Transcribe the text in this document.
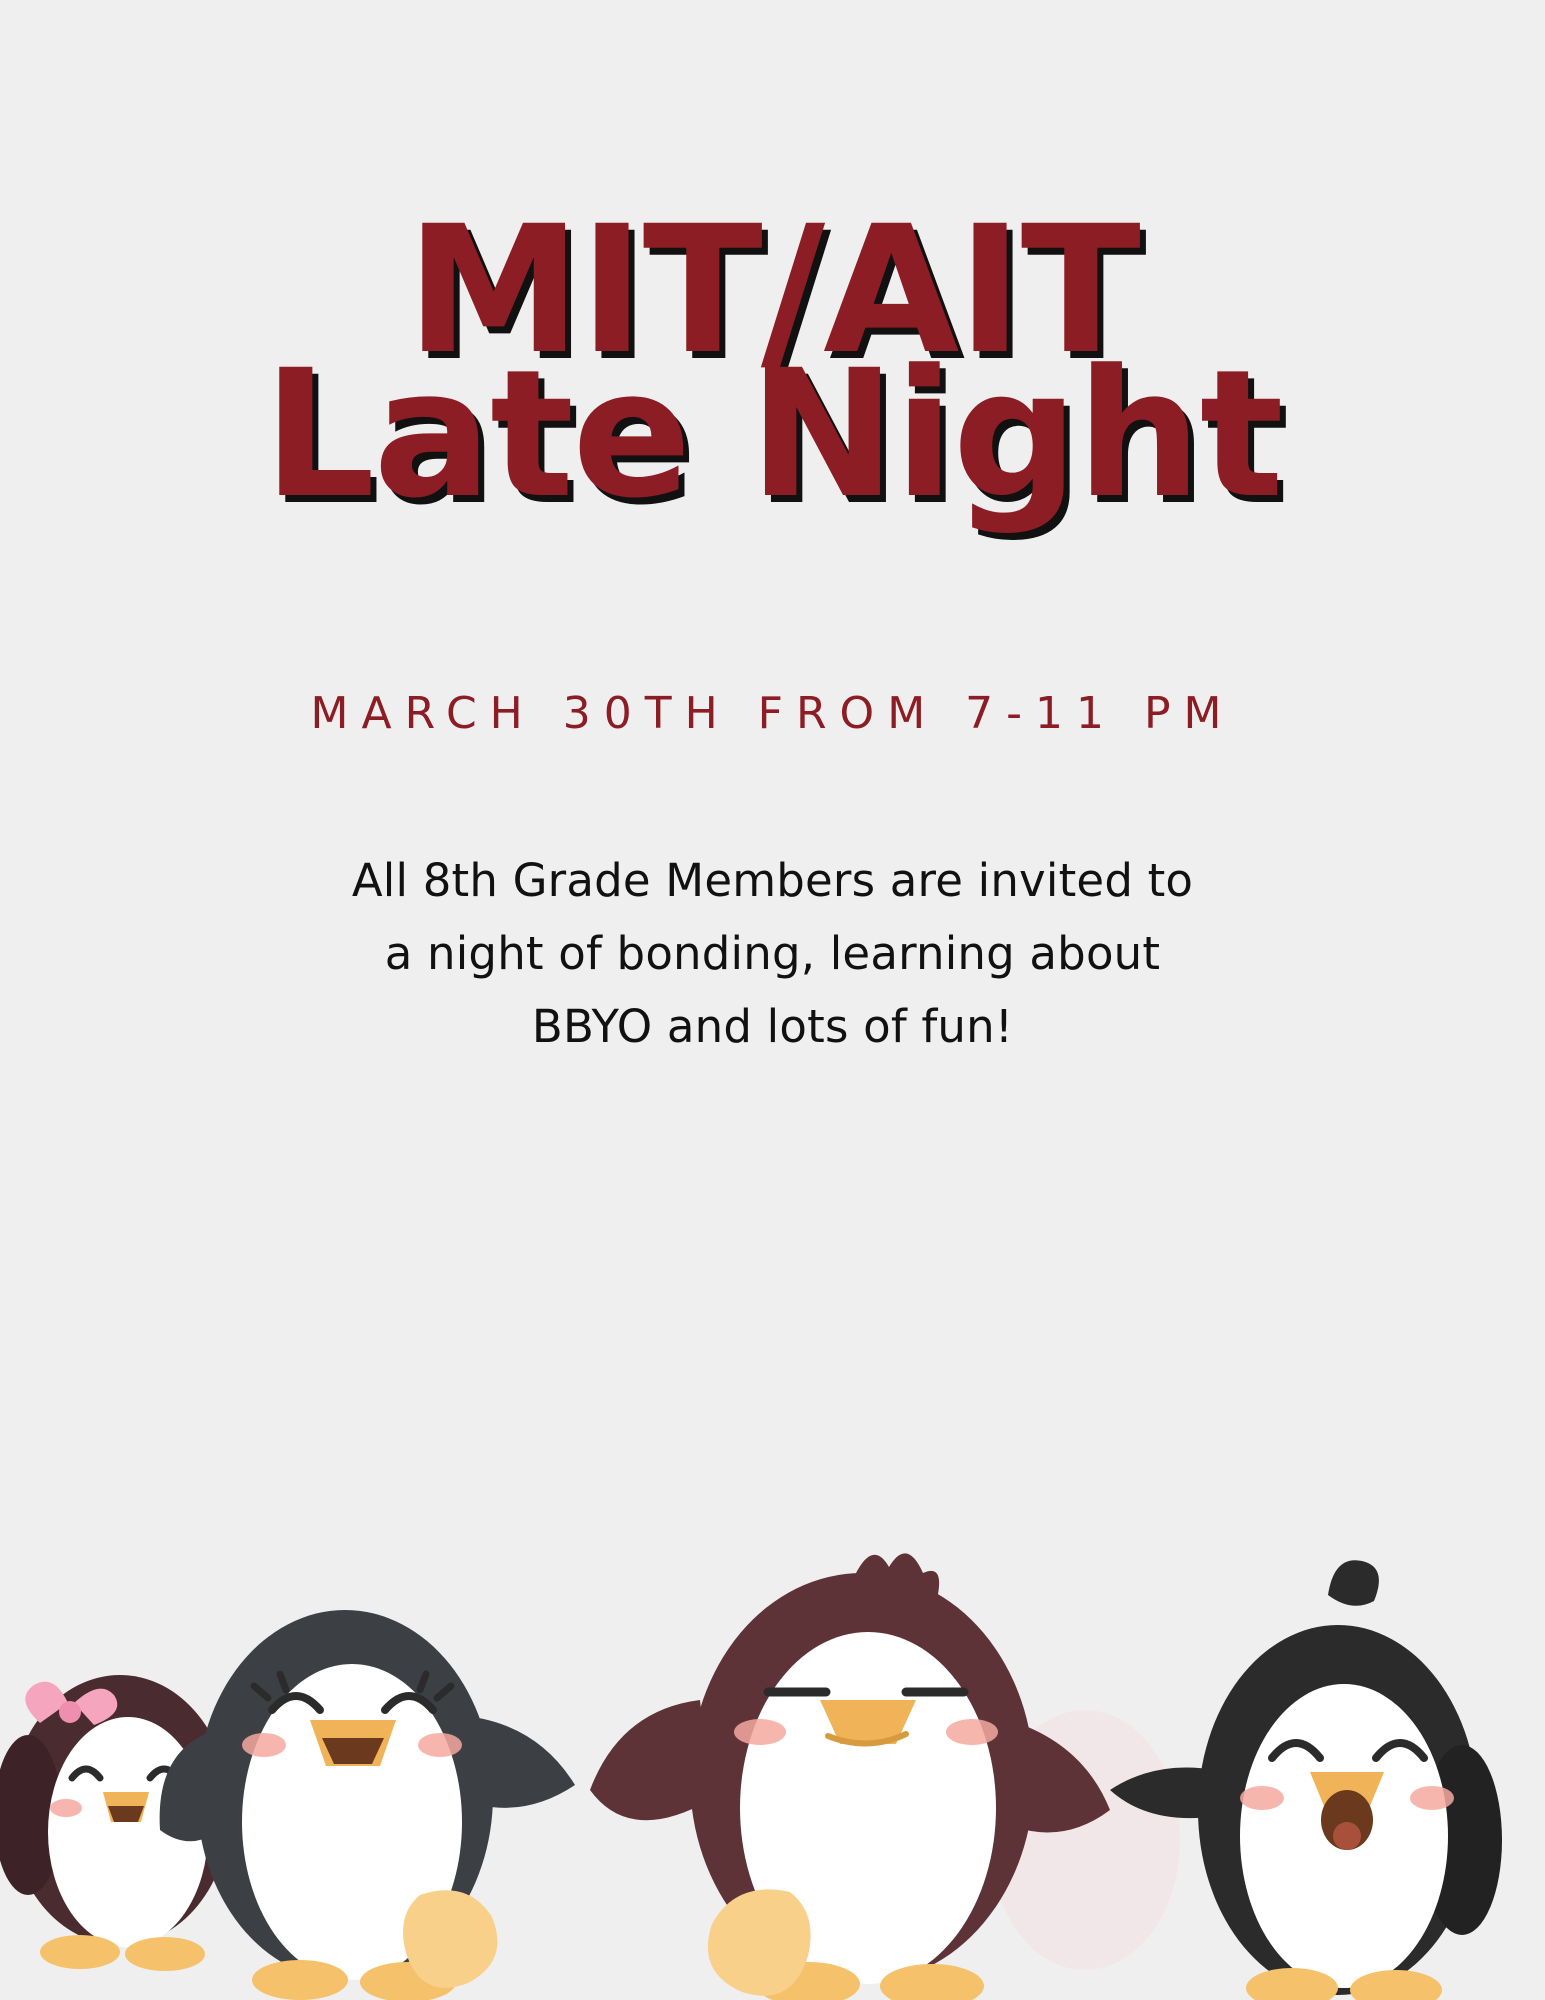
MIT/AIT
Late Night
MARCH 30TH FROM 7-11 PM
All 8th Grade Members are invited to
a night of bonding, learning about
BBYO and lots of fun!
